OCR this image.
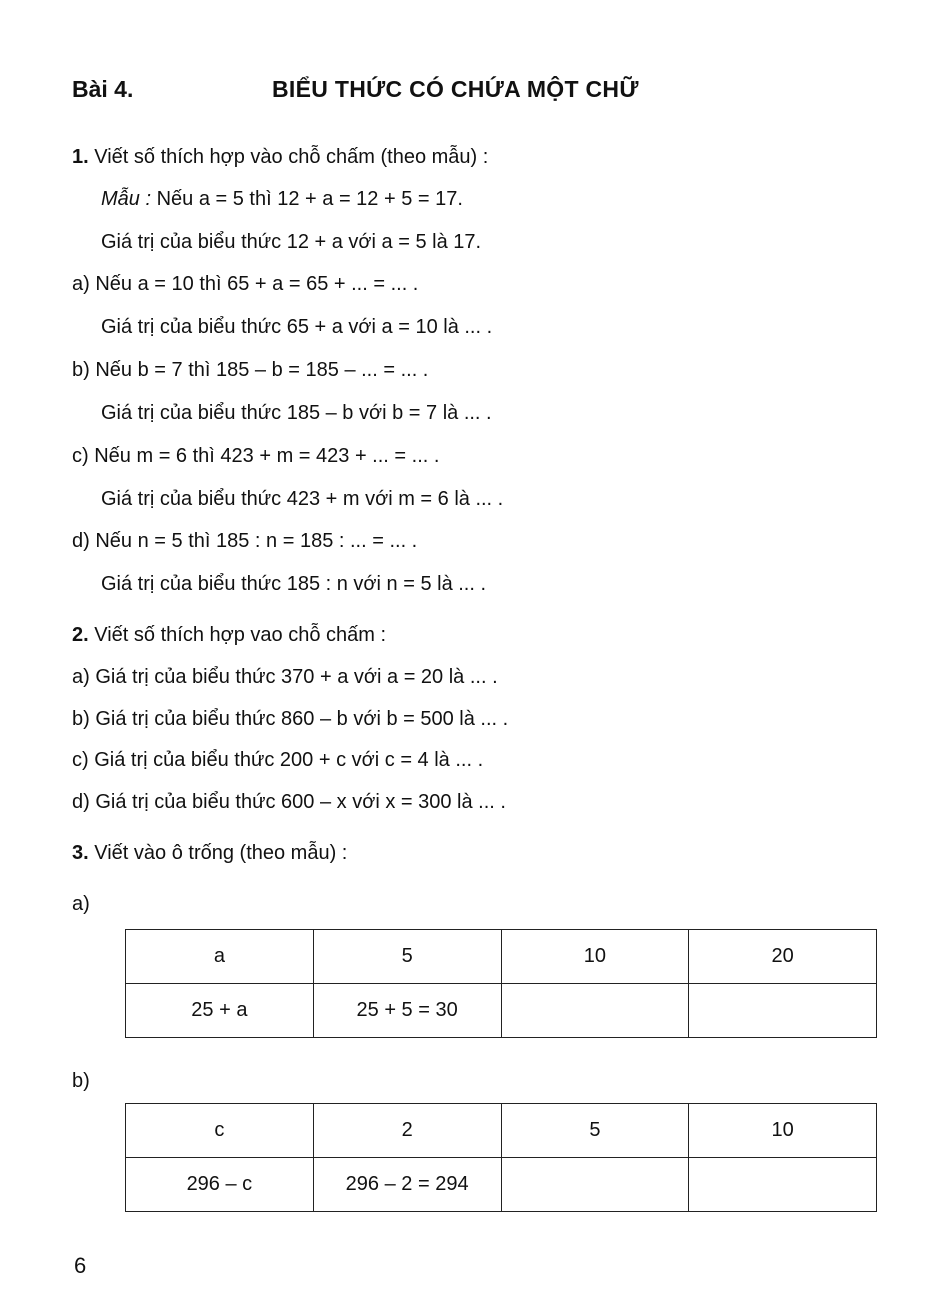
Bài 4.	BIỂU THỨC CÓ CHỨA MỘT CHỮ
1. Viết số thích hợp vào chỗ chấm (theo mẫu) :
Mẫu : Nếu a = 5 thì 12 + a = 12 + 5 = 17.
Giá trị của biểu thức 12 + a với a = 5 là 17.
a) Nếu a = 10 thì 65 + a = 65 + ... = ... .
Giá trị của biểu thức 65 + a với a = 10 là ... .
b) Nếu b = 7 thì 185 – b = 185 – ... = ... .
Giá trị của biểu thức 185 – b với b = 7 là ... .
c) Nếu m = 6 thì 423 + m = 423 + ... = ... .
Giá trị của biểu thức 423 + m với m = 6 là ... .
d) Nếu n = 5 thì 185 : n = 185 : ... = ... .
Giá trị của biểu thức 185 : n với n = 5 là ... .
2. Viết số thích hợp vao chỗ chấm :
a) Giá trị của biểu thức 370 + a với a = 20 là ... .
b) Giá trị của biểu thức 860 – b với b = 500 là ... .
c) Giá trị của biểu thức 200 + c với c = 4 là ... .
d) Giá trị của biểu thức 600 – x với x = 300 là ... .
3. Viết vào ô trống (theo mẫu) :
a)
a	5	10	20
25 + a	25 + 5 = 30		
b)
c	2	5	10
296 – c	296 – 2 = 294		
6
